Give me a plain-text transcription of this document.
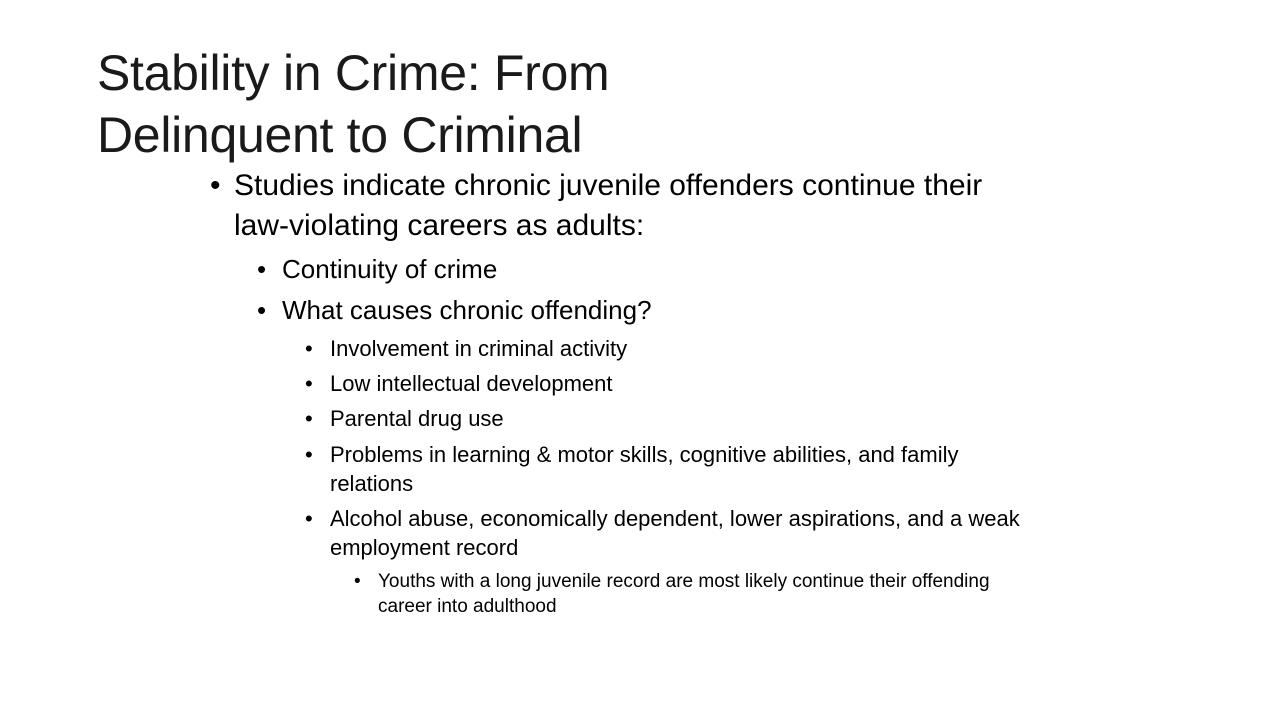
Stability in Crime: From
Delinquent to Criminal

• Studies indicate chronic juvenile offenders continue their law-violating careers as adults:

• Continuity of crime

• What causes chronic offending?

• Involvement in criminal activity

• Low intellectual development

• Parental drug use

• Problems in learning & motor skills, cognitive abilities, and family relations

• Alcohol abuse, economically dependent, lower aspirations, and a weak employment record

• Youths with a long juvenile record are most likely continue their offending career into adulthood
